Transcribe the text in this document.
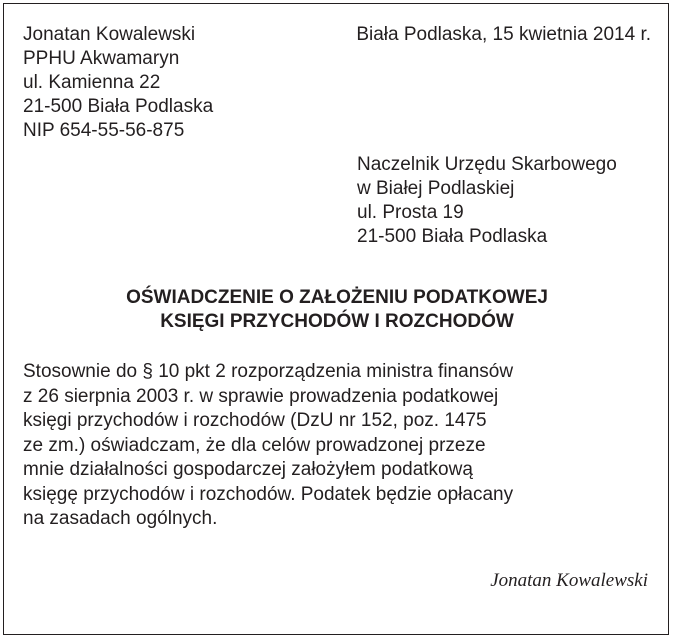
Jonatan Kowalewski
PPHU Akwamaryn
ul. Kamienna 22
21-500 Biała Podlaska
NIP 654-55-56-875
Biała Podlaska, 15 kwietnia 2014 r.
Naczelnik Urzędu Skarbowego
w Białej Podlaskiej
ul. Prosta 19
21-500 Biała Podlaska
OŚWIADCZENIE O ZAŁOŻENIU PODATKOWEJ
KSIĘGI PRZYCHODÓW I ROZCHODÓW
Stosownie do § 10 pkt 2 rozporządzenia ministra finansów
z 26 sierpnia 2003 r. w sprawie prowadzenia podatkowej
księgi przychodów i rozchodów (DzU nr 152, poz. 1475
ze zm.) oświadczam, że dla celów prowadzonej przeze
mnie działalności gospodarczej założyłem podatkową
księgę przychodów i rozchodów. Podatek będzie opłacany
na zasadach ogólnych.
Jonatan Kowalewski
